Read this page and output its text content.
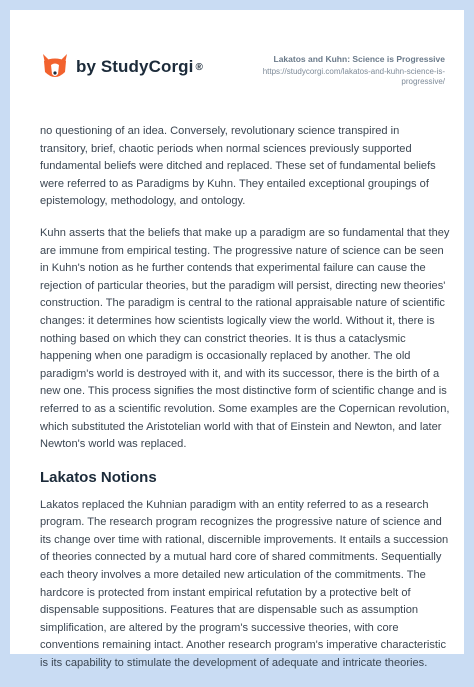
by StudyCorgi ®
Lakatos and Kuhn: Science is Progressive
https://studycorgi.com/lakatos-and-kuhn-science-is-
progressive/

no questioning of an idea. Conversely, revolutionary science transpired in transitory, brief, chaotic periods when normal sciences previously supported fundamental beliefs were ditched and replaced. These set of fundamental beliefs were referred to as Paradigms by Kuhn. They entailed exceptional groupings of epistemology, methodology, and ontology.

Kuhn asserts that the beliefs that make up a paradigm are so fundamental that they are immune from empirical testing. The progressive nature of science can be seen in Kuhn's notion as he further contends that experimental failure can cause the rejection of particular theories, but the paradigm will persist, directing new theories' construction. The paradigm is central to the rational appraisable nature of scientific changes: it determines how scientists logically view the world. Without it, there is nothing based on which they can constrict theories. It is thus a cataclysmic happening when one paradigm is occasionally replaced by another. The old paradigm's world is destroyed with it, and with its successor, there is the birth of a new one. This process signifies the most distinctive form of scientific change and is referred to as a scientific revolution. Some examples are the Copernican revolution, which substituted the Aristotelian world with that of Einstein and Newton, and later Newton's world was replaced.

Lakatos Notions

Lakatos replaced the Kuhnian paradigm with an entity referred to as a research program. The research program recognizes the progressive nature of science and its change over time with rational, discernible improvements. It entails a succession of theories connected by a mutual hard core of shared commitments. Sequentially each theory involves a more detailed new articulation of the commitments. The hardcore is protected from instant empirical refutation by a protective belt of dispensable suppositions. Features that are dispensable such as assumption simplification, are altered by the program's successive theories, with core conventions remaining intact. Another research program's imperative characteristic is its capability to stimulate the development of adequate and intricate theories.
